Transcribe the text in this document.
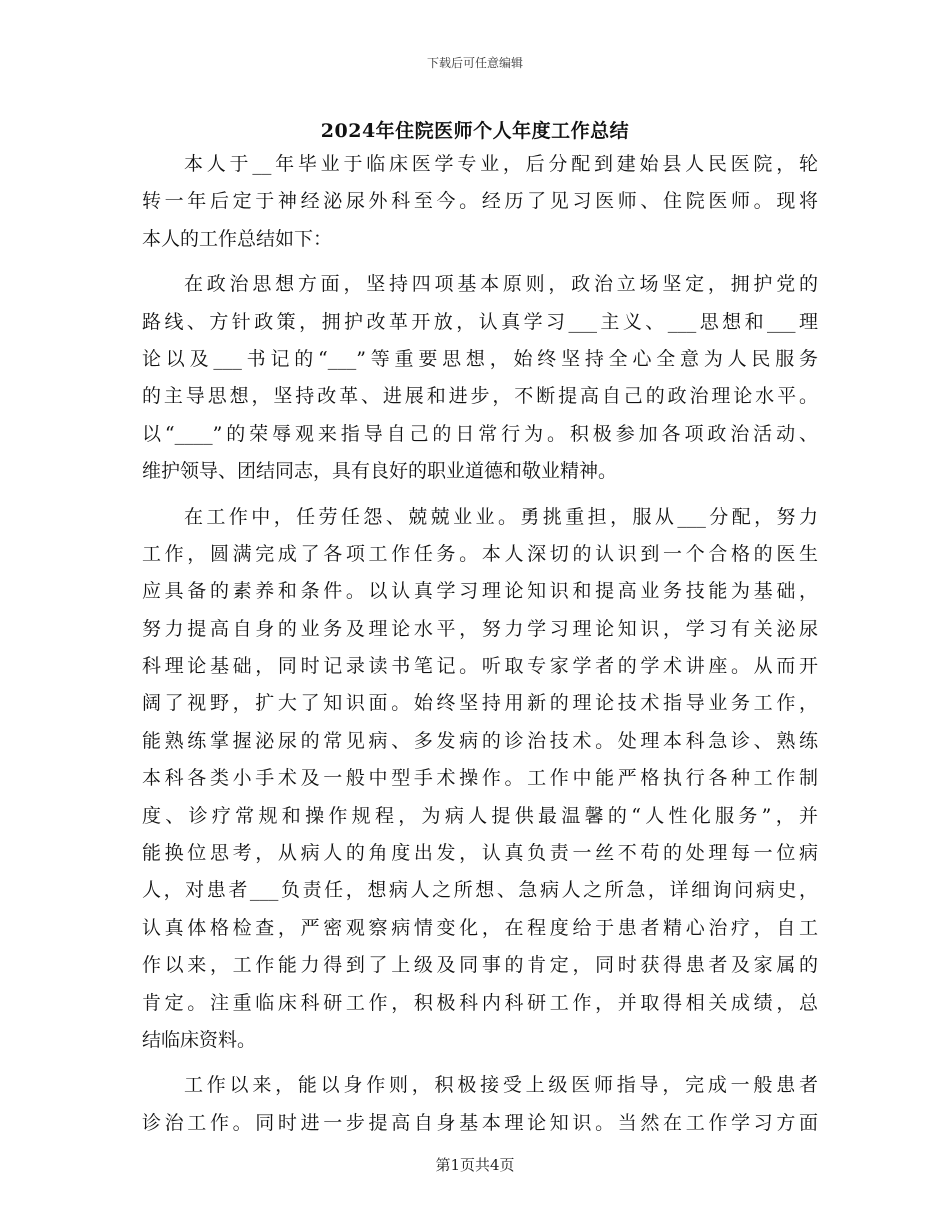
下载后可任意编辑
2024年住院医师个人年度工作总结
本人于__年毕业于临床医学专业，后分配到建始县人民医院，轮
转一年后定于神经泌尿外科至今。经历了见习医师、住院医师。现将
本人的工作总结如下：
在政治思想方面，坚持四项基本原则，政治立场坚定，拥护党的
路线、方针政策，拥护改革开放，认真学习___主义、___思想和___理
论以及___书记的“___”等重要思想，始终坚持全心全意为人民服务
的主导思想，坚持改革、进展和进步，不断提高自己的政治理论水平。
以“____”的荣辱观来指导自己的日常行为。积极参加各项政治活动、
维护领导、团结同志，具有良好的职业道德和敬业精神。
在工作中，任劳任怨、兢兢业业。勇挑重担，服从___分配，努力
工作，圆满完成了各项工作任务。本人深切的认识到一个合格的医生
应具备的素养和条件。以认真学习理论知识和提高业务技能为基础，
努力提高自身的业务及理论水平，努力学习理论知识，学习有关泌尿
科理论基础，同时记录读书笔记。听取专家学者的学术讲座。从而开
阔了视野，扩大了知识面。始终坚持用新的理论技术指导业务工作，
能熟练掌握泌尿的常见病、多发病的诊治技术。处理本科急诊、熟练
本科各类小手术及一般中型手术操作。工作中能严格执行各种工作制
度、诊疗常规和操作规程，为病人提供最温馨的“人性化服务”，并
能换位思考，从病人的角度出发，认真负责一丝不苟的处理每一位病
人，对患者___负责任，想病人之所想、急病人之所急，详细询问病史，
认真体格检查，严密观察病情变化，在程度给于患者精心治疗，自工
作以来，工作能力得到了上级及同事的肯定，同时获得患者及家属的
肯定。注重临床科研工作，积极科内科研工作，并取得相关成绩，总
结临床资料。
工作以来，能以身作则，积极接受上级医师指导，完成一般患者
诊治工作。同时进一步提高自身基本理论知识。当然在工作学习方面
第1页共4页
